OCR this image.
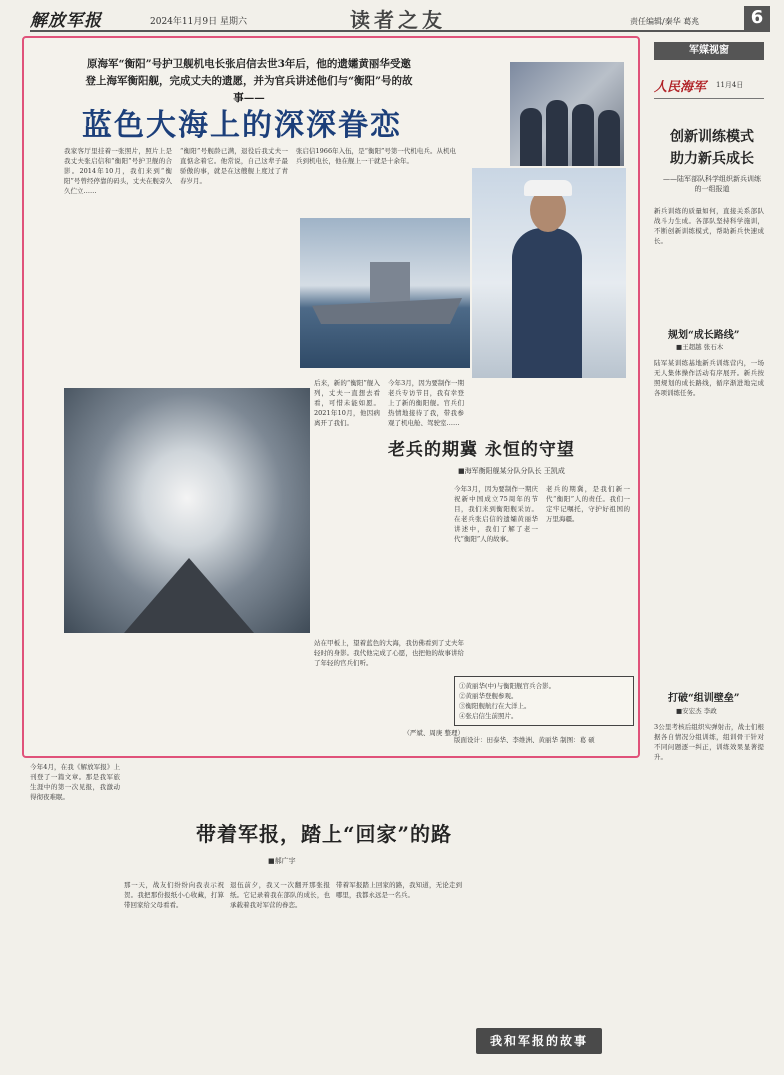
解放军报	2024年11月9日 星期六	读者之友	责任编辑/秦华 葛兆	6
原海军“衡阳”号护卫舰机电长张启信去世3年后，他的遗孀黄丽华受邀登上海军衡阳舰，完成丈夫的遗愿，并为官兵讲述他们与“衡阳”号的故事——
蓝色大海上的深深眷恋
我家客厅里挂着一张照片，照片上是我丈夫张启信和“衡阳”号护卫舰的合影。2014年10月，我们来到“衡阳”号曾经停靠的码头，丈夫在舰旁久久伫立……
“衡阳”号舰龄已满，退役后我丈夫一直惦念着它。他常说，自己这辈子最骄傲的事，就是在这艘舰上度过了青春岁月。
张启信1966年入伍，是“衡阳”号第一代机电兵。从机电兵到机电长，他在舰上一干就是十余年。
后来，新的“衡阳”舰入列，丈夫一直想去看看，可惜未能如愿。2021年10月，他因病离开了我们。
今年3月，因为要制作一期老兵专访节目，我有幸登上了新的衡阳舰。官兵们热情地接待了我，带我参观了机电舱、驾驶室……
站在甲板上，望着蓝色的大海，我仿佛看到了丈夫年轻时的身影。我代他完成了心愿，也把他的故事讲给了年轻的官兵们听。
（严斌、周庚 整理）
老兵的期冀 永恒的守望
■海军衡阳舰某分队分队长 王凯成
今年3月，因为要制作一期庆祝新中国成立75周年的节目，我们来到衡阳舰采访。在老兵张启信的遗孀黄丽华讲述中，我们了解了老一代“衡阳”人的故事。
老兵的期冀，是我们新一代“衡阳”人的责任。我们一定牢记嘱托，守护好祖国的万里海疆。
①黄丽华(中)与衡阳舰官兵合影。
②黄丽华登舰参观。
③衡阳舰航行在大洋上。
④张启信生前照片。
版面设计：田泰华、李维洲、黄丽华 制图：葛 硕
军媒视窗
人民海军 11月4日
创新训练模式 助力新兵成长
——陆军部队科学组织新兵训练的一组报道
新兵训练的质量如何，直接关系部队战斗力生成。各部队坚持科学施训，不断创新训练模式，帮助新兵快速成长。
规划“成长路线”
■王超越 张石木
陆军某训练基地新兵训练营内，一场无人集体操作活动有序展开。新兵按照规划的成长路线，循序渐进地完成各项训练任务。
打破“组训壁垒”
■安宏杰 李政
3公里考核后组织实弹射击，战士们根据各自情况分组训练，组训骨干针对不同问题逐一纠正，训练效果显著提升。
今年4月，在我《解放军报》上刊登了一篇文章。那是我军旅生涯中的第一次见报，我激动得彻夜难眠。
带着军报，踏上“回家”的路
■郝广宇
那一天，战友们纷纷向我表示祝贺。我把那份报纸小心收藏，打算带回家给父母看看。
退伍前夕，我又一次翻开那张报纸。它记录着我在部队的成长，也承载着我对军营的眷恋。
带着军报踏上回家的路，我知道，无论走到哪里，我都永远是一名兵。
我和军报的故事
